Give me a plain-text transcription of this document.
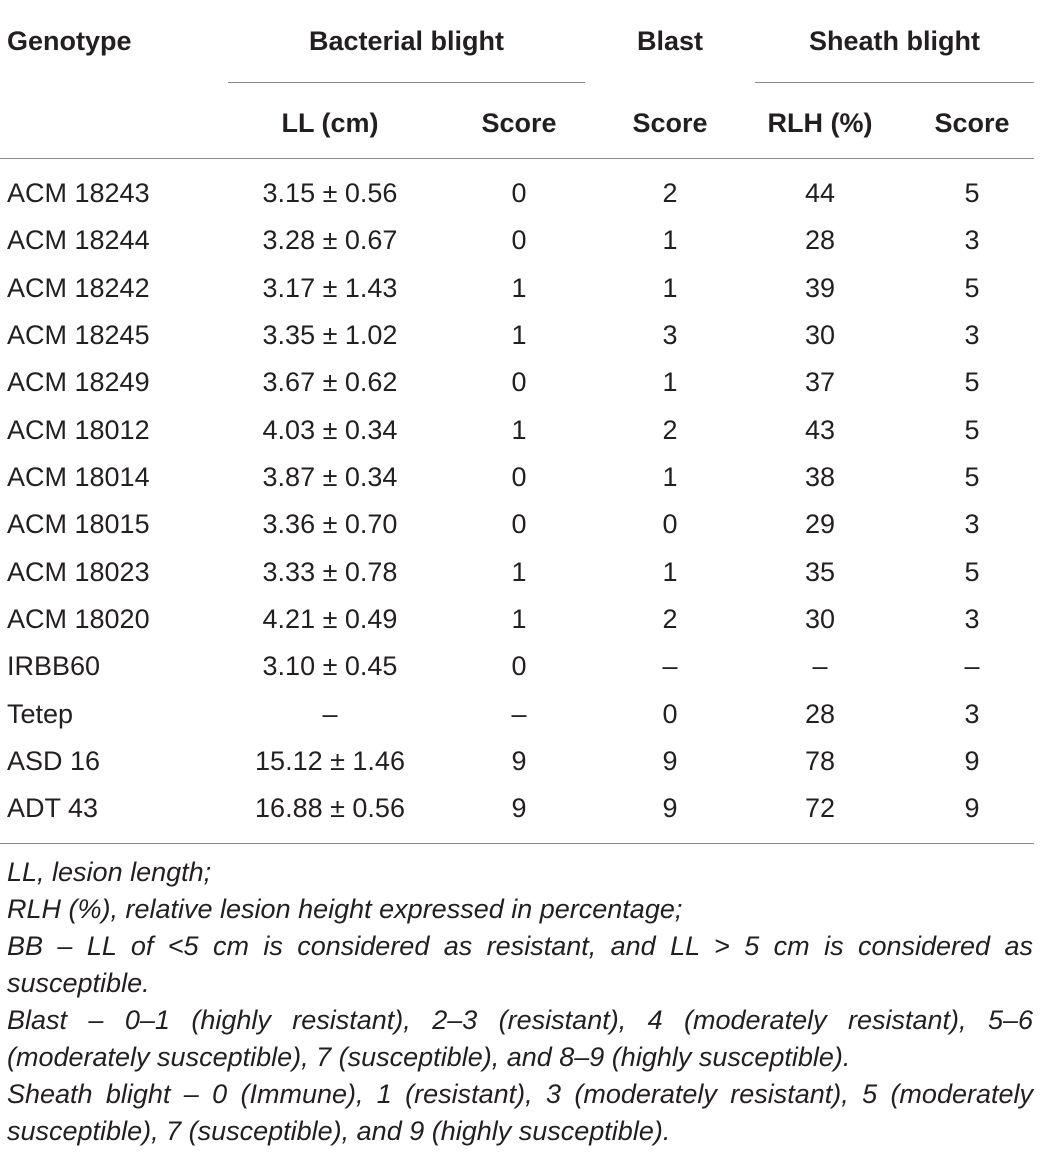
Genotype	Bacterial blight	Blast	Sheath blight
LL (cm)	Score	Score	RLH (%)	Score
ACM 18243	3.15 ± 0.56	0	2	44	5
ACM 18244	3.28 ± 0.67	0	1	28	3
ACM 18242	3.17 ± 1.43	1	1	39	5
ACM 18245	3.35 ± 1.02	1	3	30	3
ACM 18249	3.67 ± 0.62	0	1	37	5
ACM 18012	4.03 ± 0.34	1	2	43	5
ACM 18014	3.87 ± 0.34	0	1	38	5
ACM 18015	3.36 ± 0.70	0	0	29	3
ACM 18023	3.33 ± 0.78	1	1	35	5
ACM 18020	4.21 ± 0.49	1	2	30	3
IRBB60	3.10 ± 0.45	0	–	–	–
Tetep	–	–	0	28	3
ASD 16	15.12 ± 1.46	9	9	78	9
ADT 43	16.88 ± 0.56	9	9	72	9

LL, lesion length;

RLH (%), relative lesion height expressed in percentage;

BB – LL of <5 cm is considered as resistant, and LL > 5 cm is considered as susceptible.

Blast – 0–1 (highly resistant), 2–3 (resistant), 4 (moderately resistant), 5–6 (moderately susceptible), 7 (susceptible), and 8–9 (highly susceptible).

Sheath blight – 0 (Immune), 1 (resistant), 3 (moderately resistant), 5 (moderately susceptible), 7 (susceptible), and 9 (highly susceptible).
